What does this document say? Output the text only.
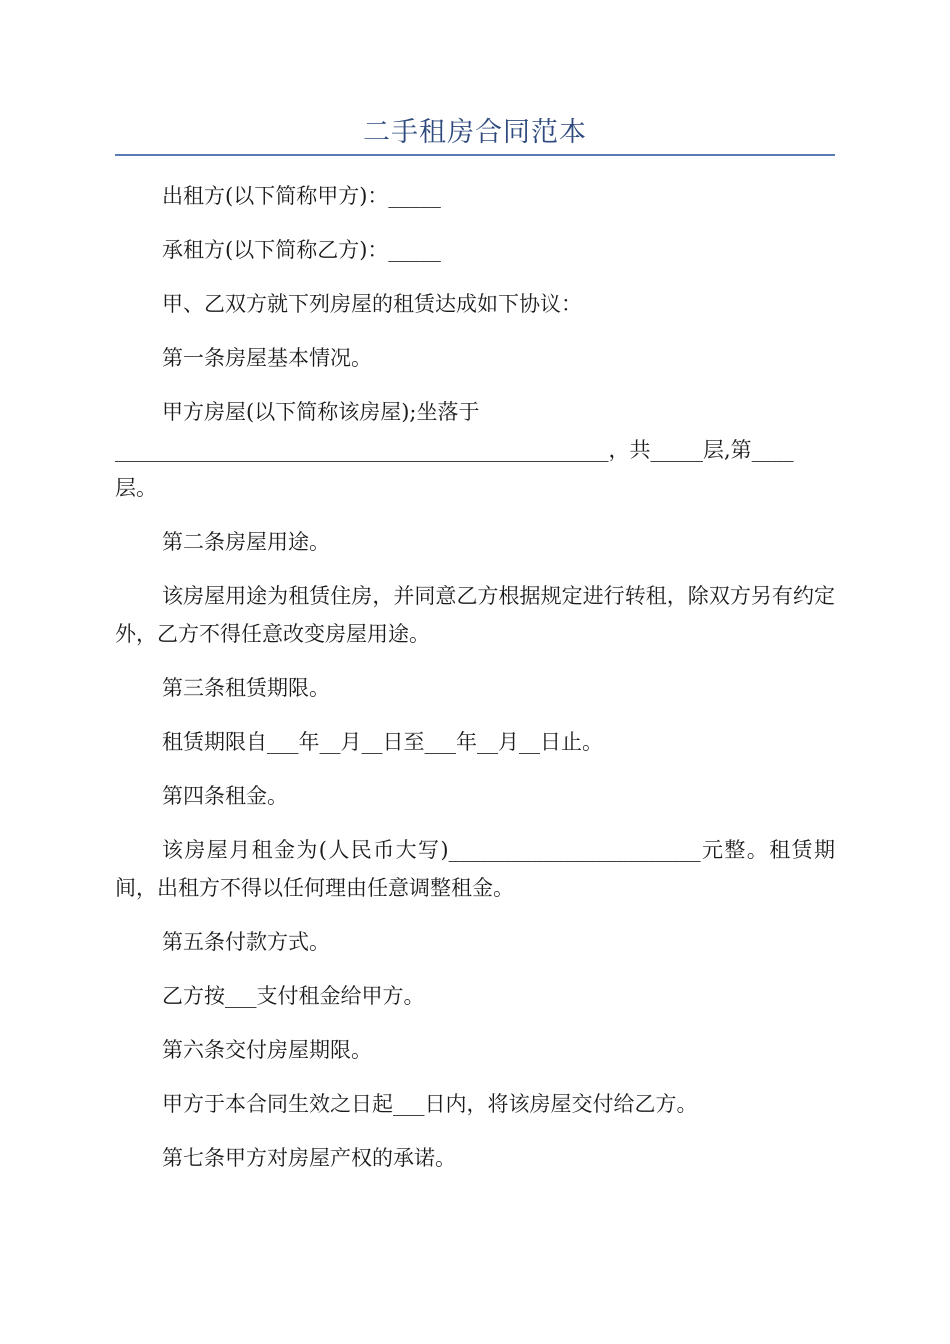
二手租房合同范本

出租方(以下简称甲方)：_____

承租方(以下简称乙方)：_____

甲、乙双方就下列房屋的租赁达成如下协议：

第一条房屋基本情况。

甲方房屋(以下简称该房屋);坐落于

_______________________________________________，共_____层,第____

层。

第二条房屋用途。

该房屋用途为租赁住房，并同意乙方根据规定进行转租，除双方另有约定外，乙方不得任意改变房屋用途。

第三条租赁期限。

租赁期限自___年__月__日至___年__月__日止。

第四条租金。

该房屋月租金为(人民币大写)________________________元整。租赁期间，出租方不得以任何理由任意调整租金。

第五条付款方式。

乙方按___支付租金给甲方。

第六条交付房屋期限。

甲方于本合同生效之日起___日内，将该房屋交付给乙方。

第七条甲方对房屋产权的承诺。
